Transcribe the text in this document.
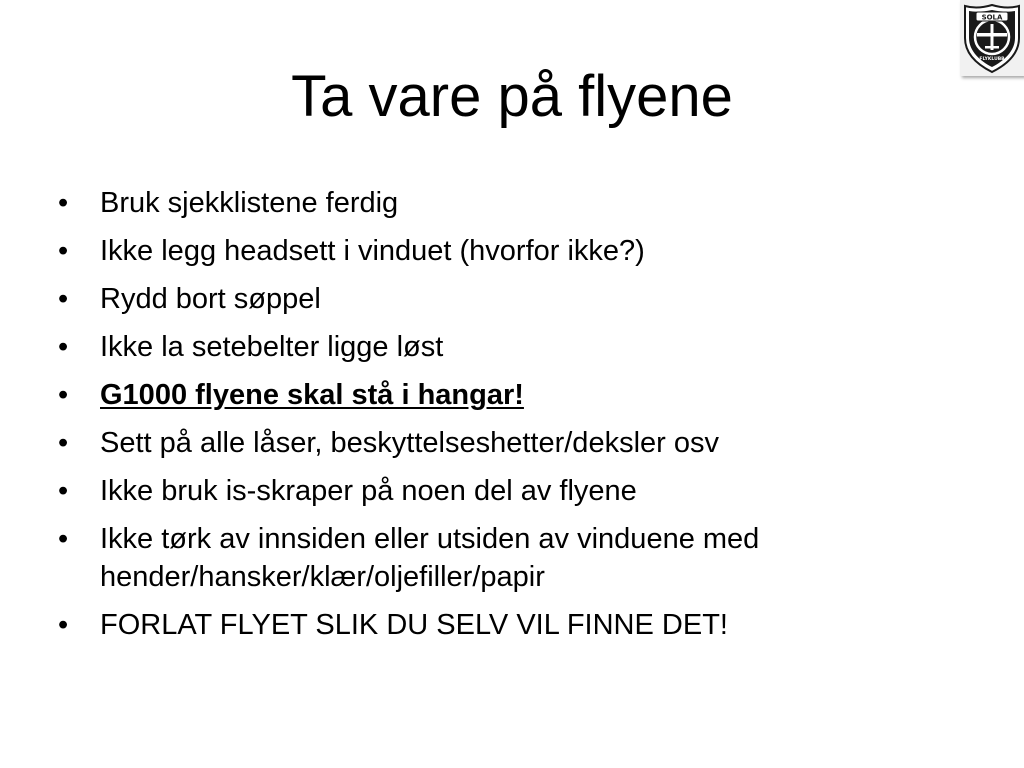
SOLA
FLYKLUBB
Ta vare på flyene
• Bruk sjekklistene ferdig
• Ikke legg headsett i vinduet (hvorfor ikke?)
• Rydd bort søppel
• Ikke la setebelter ligge løst
• G1000 flyene skal stå i hangar!
• Sett på alle låser, beskyttelseshetter/deksler osv
• Ikke bruk is-skraper på noen del av flyene
• Ikke tørk av innsiden eller utsiden av vinduene med hender/hansker/klær/oljefiller/papir
• FORLAT FLYET SLIK DU SELV VIL FINNE DET!
